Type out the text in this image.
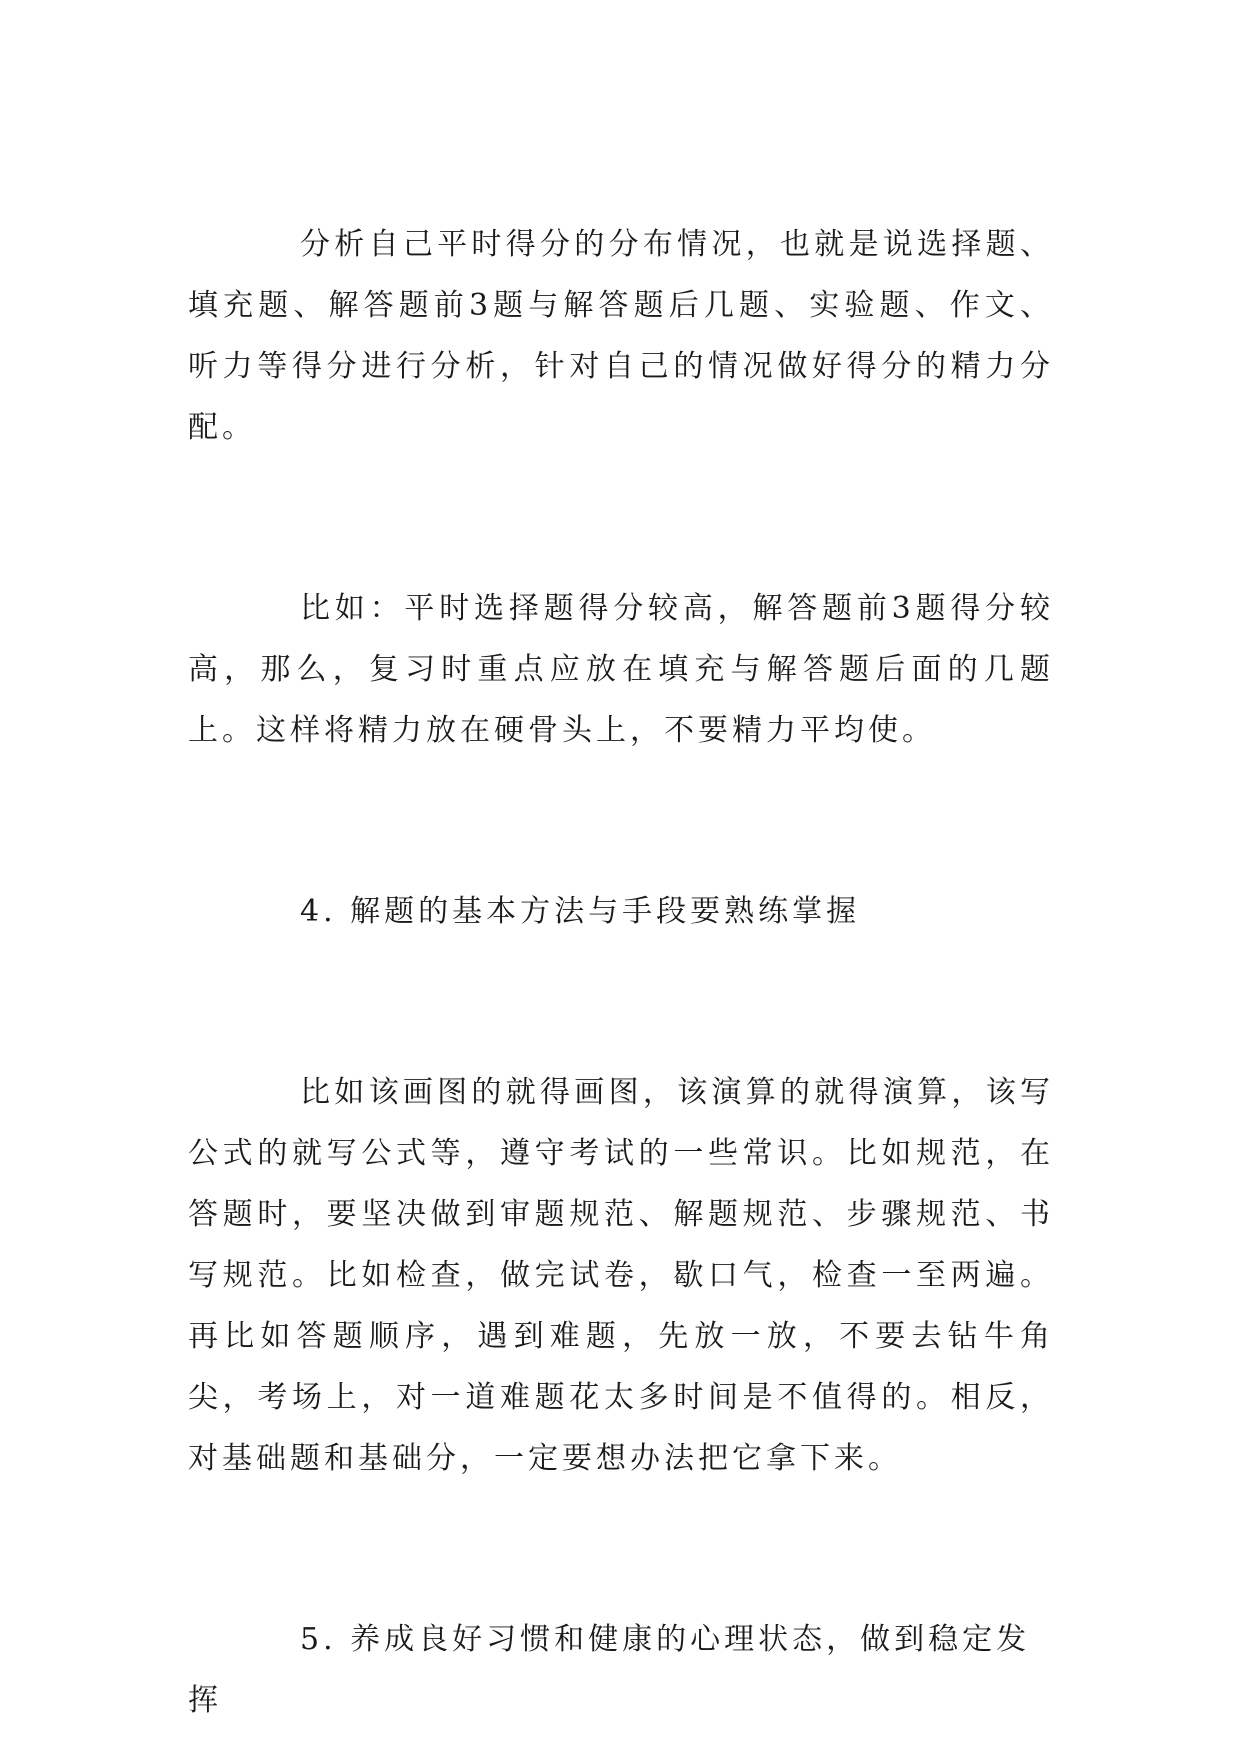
分析自己平时得分的分布情况，也就是说选择题、填充题、解答题前3题与解答题后几题、实验题、作文、听力等得分进行分析，针对自己的情况做好得分的精力分配。

比如：平时选择题得分较高，解答题前3题得分较高，那么，复习时重点应放在填充与解答题后面的几题上。这样将精力放在硬骨头上，不要精力平均使。

4. 解题的基本方法与手段要熟练掌握

比如该画图的就得画图，该演算的就得演算，该写公式的就写公式等，遵守考试的一些常识。比如规范，在答题时，要坚决做到审题规范、解题规范、步骤规范、书写规范。比如检查，做完试卷，歇口气，检查一至两遍。再比如答题顺序，遇到难题，先放一放，不要去钻牛角尖，考场上，对一道难题花太多时间是不值得的。相反，对基础题和基础分，一定要想办法把它拿下来。

5. 养成良好习惯和健康的心理状态，做到稳定发挥
